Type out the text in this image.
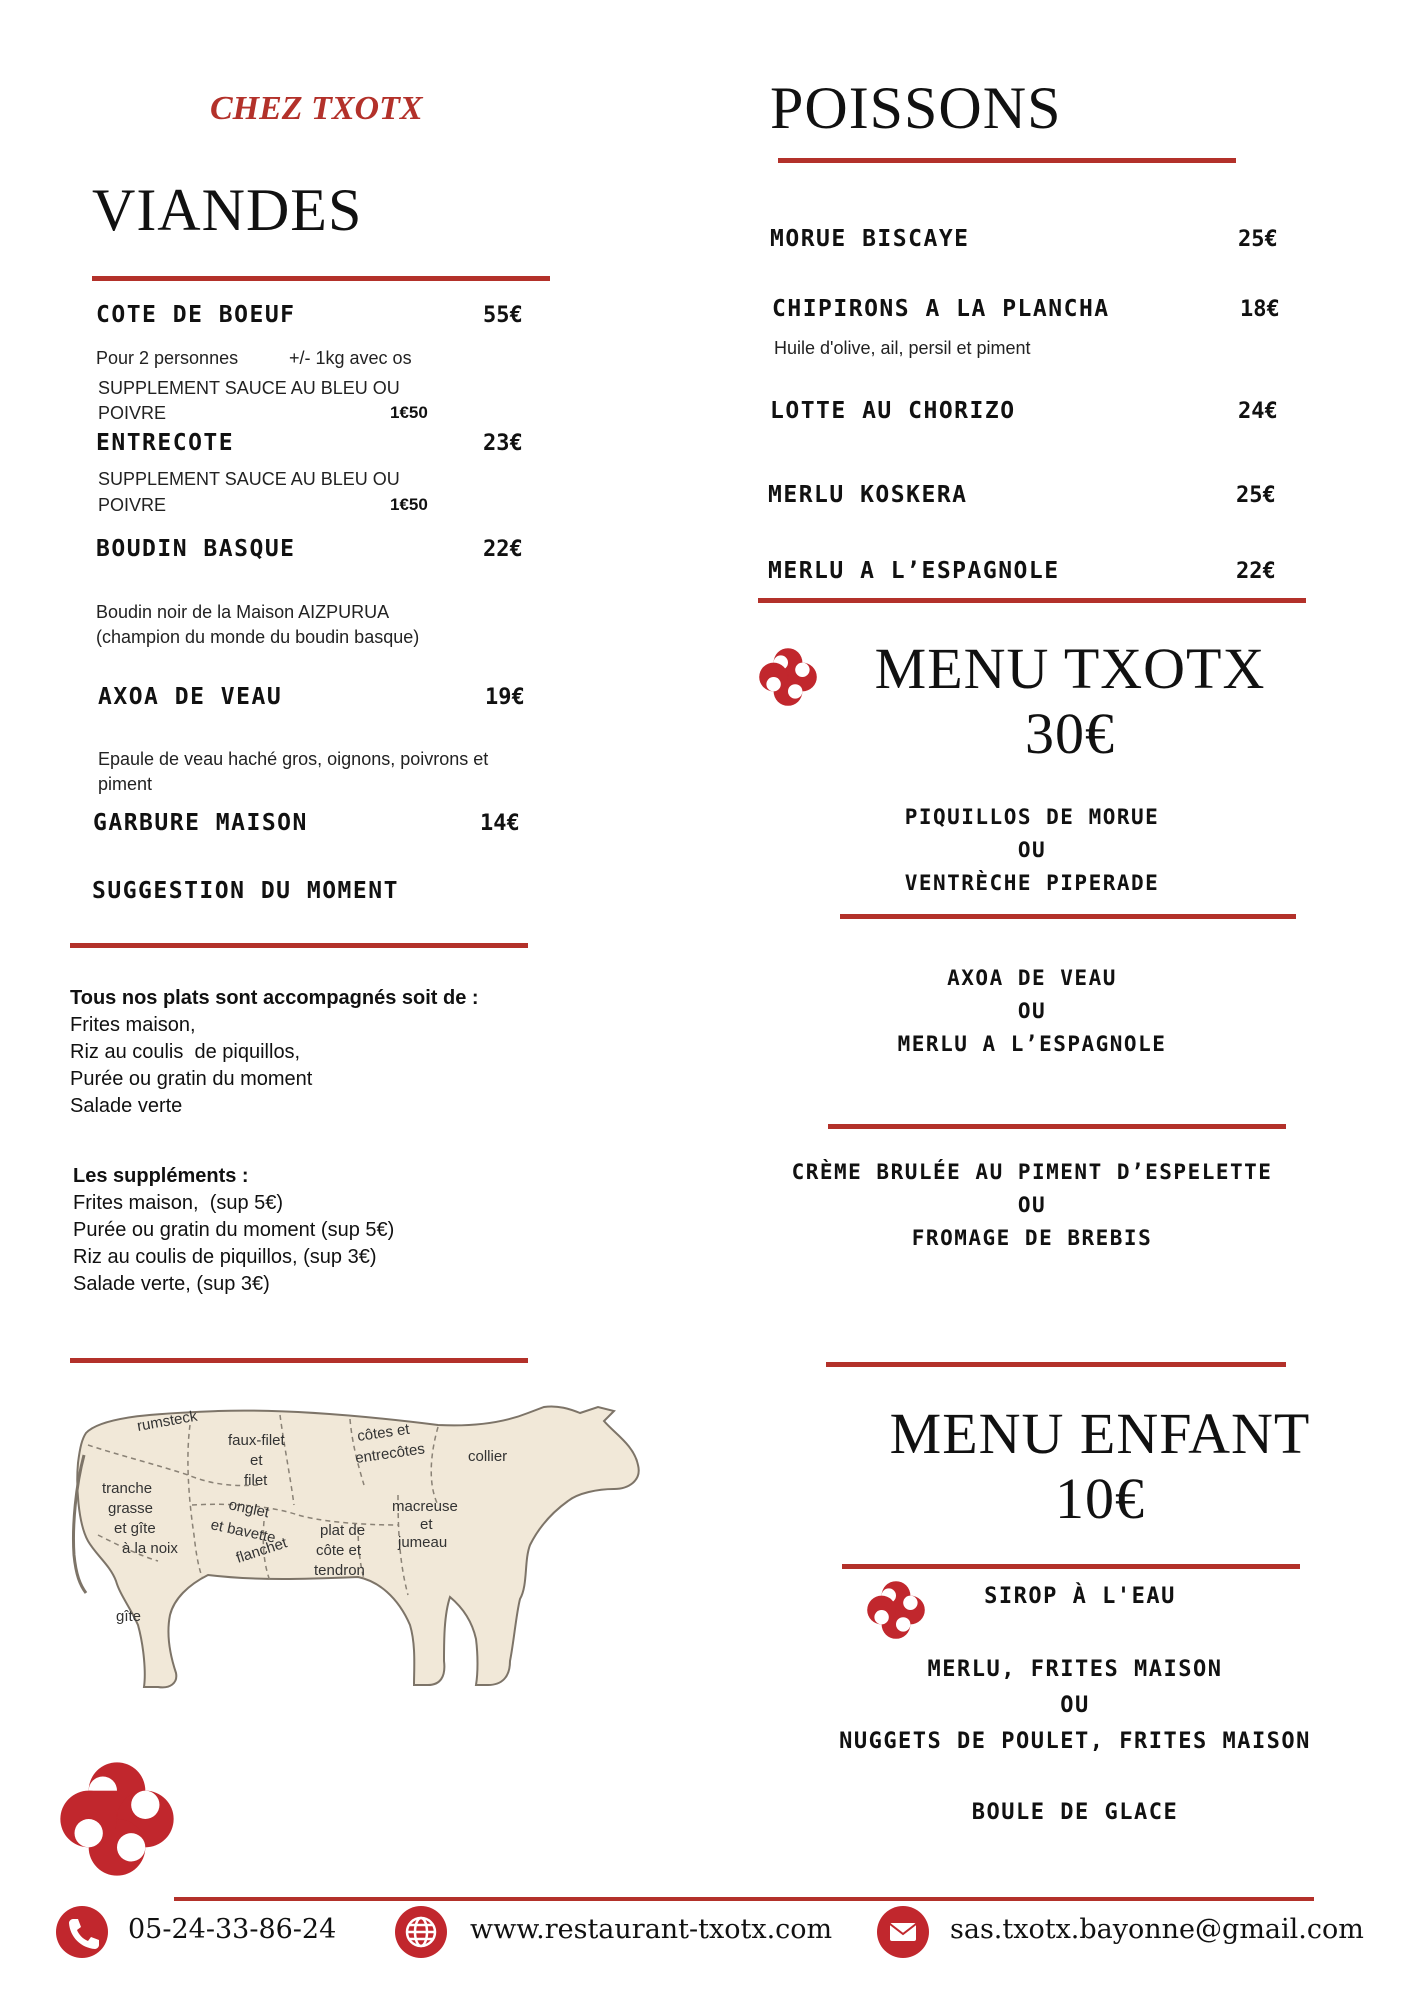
CHEZ TXOTX
VIANDES
COTE DE BOEUF	55€
Pour 2 personnes	+/- 1kg avec os
SUPPLEMENT SAUCE AU BLEU OU
POIVRE	1€50
ENTRECOTE	23€
SUPPLEMENT SAUCE AU BLEU OU
POIVRE	1€50
BOUDIN BASQUE	22€
Boudin noir de la Maison AIZPURUA
(champion du monde du boudin basque)
AXOA DE VEAU	19€
Epaule de veau haché gros, oignons, poivrons et
piment
GARBURE MAISON	14€
SUGGESTION DU MOMENT
Tous nos plats sont accompagnés soit de :
Frites maison,
Riz au coulis  de piquillos,
Purée ou gratin du moment
Salade verte
Les suppléments :
Frites maison,  (sup 5€)
Purée ou gratin du moment (sup 5€)
Riz au coulis de piquillos, (sup 3€)
Salade verte, (sup 3€)
rumsteck
faux-filet
et
filet
côtes et
entrecôtes	collier
tranche
grasse
et gîte
à la noix
onglet
et bavette
flanchet
plat de
côte et
tendron
macreuse
et
jumeau
gîte
POISSONS
MORUE BISCAYE	25€
CHIPIRONS A LA PLANCHA	18€
Huile d'olive, ail, persil et piment
LOTTE AU CHORIZO	24€
MERLU KOSKERA	25€
MERLU A L’ESPAGNOLE	22€
MENU TXOTX
30€
PIQUILLOS DE MORUE
OU
VENTRÈCHE PIPERADE
AXOA DE VEAU
OU
MERLU A L’ESPAGNOLE
CRÈME BRULÉE AU PIMENT D’ESPELETTE
OU
FROMAGE DE BREBIS
MENU ENFANT
10€
SIROP À L'EAU
MERLU, FRITES MAISON
OU
NUGGETS DE POULET, FRITES MAISON
BOULE DE GLACE
05-24-33-86-24	www.restaurant-txotx.com	sas.txotx.bayonne@gmail.com
